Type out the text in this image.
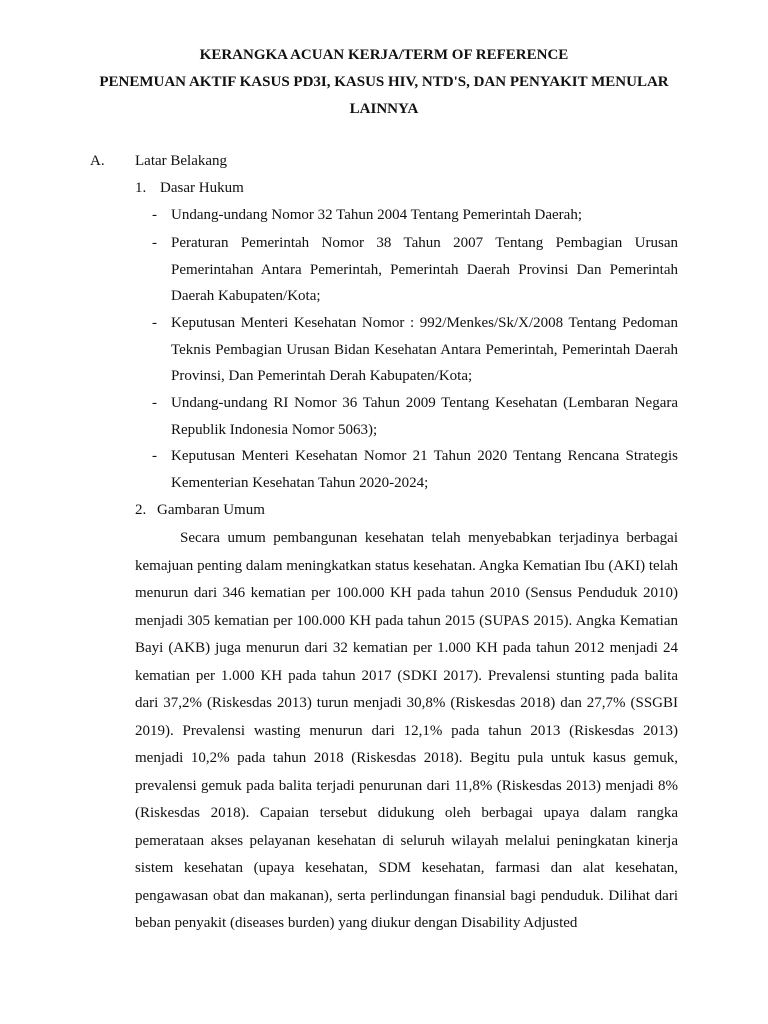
KERANGKA ACUAN KERJA/TERM OF REFERENCE
PENEMUAN AKTIF KASUS PD3I, KASUS HIV, NTD'S, DAN PENYAKIT MENULAR
LAINNYA
A. Latar Belakang
1. Dasar Hukum
- Undang-undang Nomor 32 Tahun 2004 Tentang Pemerintah Daerah;
- Peraturan Pemerintah Nomor 38 Tahun 2007 Tentang Pembagian Urusan Pemerintahan Antara Pemerintah, Pemerintah Daerah Provinsi Dan Pemerintah Daerah Kabupaten/Kota;
- Keputusan Menteri Kesehatan Nomor : 992/Menkes/Sk/X/2008 Tentang Pedoman Teknis Pembagian Urusan Bidan Kesehatan Antara Pemerintah, Pemerintah Daerah Provinsi, Dan Pemerintah Derah Kabupaten/Kota;
- Undang-undang RI Nomor 36 Tahun 2009 Tentang Kesehatan (Lembaran Negara Republik Indonesia Nomor 5063);
- Keputusan Menteri Kesehatan Nomor 21 Tahun 2020 Tentang Rencana Strategis Kementerian Kesehatan Tahun 2020-2024;
2. Gambaran Umum
Secara umum pembangunan kesehatan telah menyebabkan terjadinya berbagai kemajuan penting dalam meningkatkan status kesehatan. Angka Kematian Ibu (AKI) telah menurun dari 346 kematian per 100.000 KH pada tahun 2010 (Sensus Penduduk 2010) menjadi 305 kematian per 100.000 KH pada tahun 2015 (SUPAS 2015). Angka Kematian Bayi (AKB) juga menurun dari 32 kematian per 1.000 KH pada tahun 2012 menjadi 24 kematian per 1.000 KH pada tahun 2017 (SDKI 2017). Prevalensi stunting pada balita dari 37,2% (Riskesdas 2013) turun menjadi 30,8% (Riskesdas 2018) dan 27,7% (SSGBI 2019). Prevalensi wasting menurun dari 12,1% pada tahun 2013 (Riskesdas 2013) menjadi 10,2% pada tahun 2018 (Riskesdas 2018). Begitu pula untuk kasus gemuk, prevalensi gemuk pada balita terjadi penurunan dari 11,8% (Riskesdas 2013) menjadi 8% (Riskesdas 2018). Capaian tersebut didukung oleh berbagai upaya dalam rangka pemerataan akses pelayanan kesehatan di seluruh wilayah melalui peningkatan kinerja sistem kesehatan (upaya kesehatan, SDM kesehatan, farmasi dan alat kesehatan, pengawasan obat dan makanan), serta perlindungan finansial bagi penduduk. Dilihat dari beban penyakit (diseases burden) yang diukur dengan Disability Adjusted
